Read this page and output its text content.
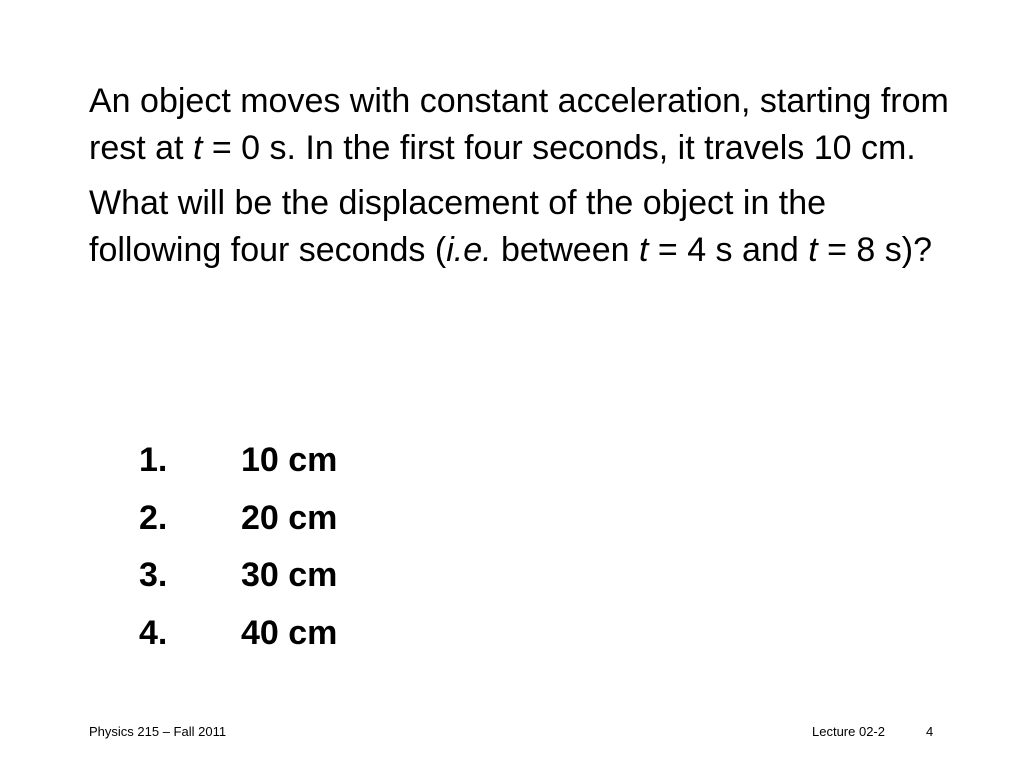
An object moves with constant acceleration, starting from rest at t = 0 s. In the first four seconds, it travels 10 cm.

What will be the displacement of the object in the following four seconds (i.e. between t = 4 s and t = 8 s)?

1. 10 cm
2. 20 cm
3. 30 cm
4. 40 cm
Physics 215 – Fall 2011	Lecture 02-2	4
